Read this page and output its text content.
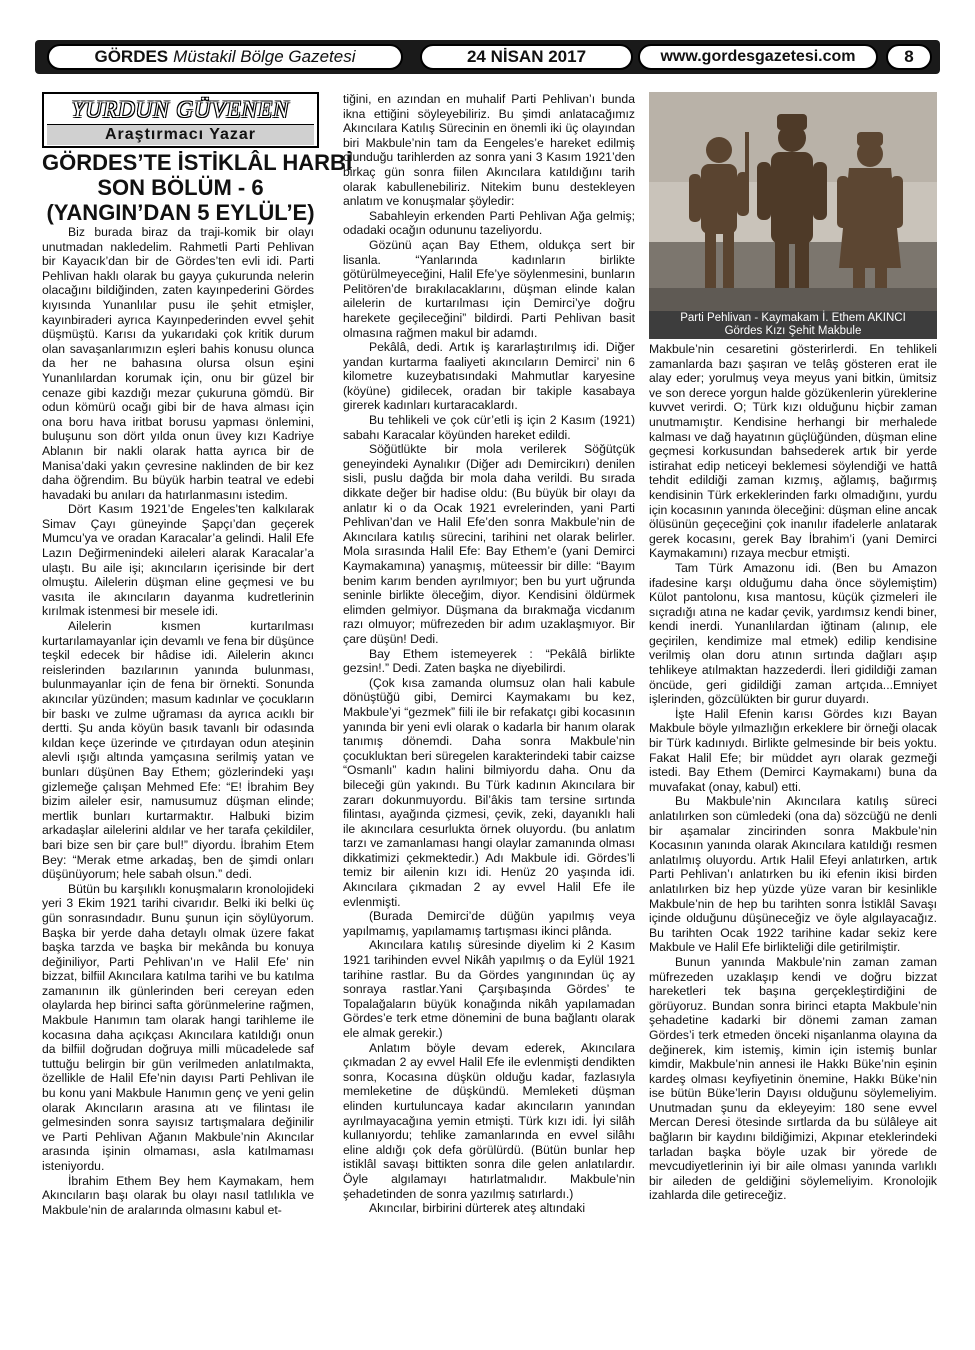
GÖRDES Müstakil Bölge Gazetesi	24 NİSAN 2017	www.gordesgazetesi.com	8
YURDUN GÜVENEN
Araştırmacı Yazar
GÖRDES’TE İSTİKLÂL HARBİ
SON BÖLÜM - 6
(YANGIN’DAN 5 EYLÜL’E)

Biz burada biraz da traji-komik bir olayı unutmadan nakledelim. Rahmetli Parti Pehlivan bir Kayacık’dan bir de Gördes’ten evli idi. Parti Pehlivan haklı olarak bu gayya çukurunda nelerin olacağını bildiğinden, zaten kayınpederini Gördes kıyısında Yunanlılar pusu ile şehit etmişler, kayınbiraderi ayrıca Kayınpederinden evvel şehit düşmüştü. Karısı da yukarıdaki çok kritik durum olan savaşanlarımızın eşleri bahis konusu olunca da her ne bahasına olursa olsun eşini Yunanlılardan korumak için, onu bir güzel bir cenaze gibi kazdığı mezar çukuruna gömdü. Bir odun kömürü ocağı gibi bir de hava alması için ona boru hava iritbat borusu yapması önlemini, buluşunu son dört yılda onun üvey kızı Kadriye Ablanın bir nakli olarak hatta ayrıca bir de Manisa’daki yakın çevresine naklinden de bir kez daha öğrendim. Bu büyük harbin teatral ve edebi havadaki bu anıları da hatırlanmasını istedim.

Dört Kasım 1921’de Engeles’ten kalkılarak Simav Çayı güneyinde Şapçı’dan geçerek Mumcu’ya ve oradan Karacalar’a gelindi. Halil Efe Lazın Değirmenindeki aileleri alarak Karacalar’a ulaştı. Bu aile işi; akıncıların içerisinde bir dert olmuştu. Ailelerin düşman eline geçmesi ve bu vasıta ile akıncıların dayanma kudretlerinin kırılmak istenmesi bir mesele idi.

Ailelerin kısmen kurtarılması kurtarılamayanlar için devamlı ve fena bir düşünce teşkil edecek bir hâdise idi. Ailelerin akıncı reislerinden bazılarının yanında bulunması, bulunmayanlar için de fena bir örnekti. Sonunda akıncılar yüzünden; masum kadınlar ve çocukların bir baskı ve zulme uğraması da ayrıca acıklı bir dertti. Şu anda köyün basık tavanlı bir odasında kıldan keçe üzerinde ve çıtırdayan odun ateşinin alevli ışığı altında yamçasına serilmiş yatan ve bunları düşünen Bay Ethem; gözlerindeki yaşı gizlemeğe çalışan Mehmed Efe: “E! İbrahim Bey bizim aileler esir, namusumuz düşman elinde; mertlik bunları kurtarmaktır. Halbuki bizim arkadaşlar ailelerini aldılar ve her tarafa çekildiler, bari bize sen bir çare bul!” diyordu. İbrahim Etem Bey: “Merak etme arkadaş, ben de şimdi onları düşünüyorum; hele sabah olsun.” dedi.

Bütün bu karşılıklı konuşmaların kronolojideki yeri 3 Ekim 1921 tarihi civarıdır. Belki iki belki üç gün sonrasındadır. Bunu şunun için söylüyorum. Başka bir yerde daha detaylı olmak üzere fakat başka tarzda ve başka bir mekânda bu konuya değiniliyor, Parti Pehlivan’ın ve Halil Efe’ nin bizzat, bilfiil Akıncılara katılma tarihi ve bu katılma zamanının ilk günlerinden beri cereyan eden olaylarda hep birinci safta görünmelerine rağmen, Makbule Hanımın tam olarak hangi tarihleme ile kocasına daha açıkçası Akıncılara katıldığı onun da bilfiil doğrudan doğruya milli mücadelede saf tuttuğu belirgin bir gün verilmeden anlatılmakta, özellikle de Halil Efe’nin dayısı Parti Pehlivan ile bu konu yani Makbule Hanımın genç ve yeni gelin olarak Akıncıların arasına atı ve filintası ile gelmesinden sonra sayısız tartışmalara değinilir ve Parti Pehlivan Ağanın Makbule’nin Akıncılar arasında işinin olmaması, asla katılmaması isteniyordu.

İbrahim Ethem Bey hem Kaymakam, hem Akıncıların başı olarak bu olayı nasıl tatlılıkla ve Makbule’nin de aralarında olmasını kabul et-

tiğini, en azından en muhalif Parti Pehlivan’ı bunda ikna ettiğini söyleyebiliriz. Bu şimdi anlatacağımız Akıncılara Katılış Sürecinin en önemli iki üç olayından biri Makbule’nin tam da Eengeles’e hareket edilmiş olunduğu tarihlerden az sonra yani 3 Kasım 1921’den birkaç gün sonra fiilen Akıncılara katıldığını tarih olarak kabullenebiliriz. Nitekim bunu destekleyen anlatım ve konuşmalar şöyledir:

Sabahleyin erkenden Parti Pehlivan Ağa gelmiş; odadaki ocağın odununu tazeliyordu.

Gözünü açan Bay Ethem, oldukça sert bir lisanla. “Yanlarında kadınların birlikte götürülmeyeceğini, Halil Efe’ye söylenmesini, bunların Pelitören’de bırakılacaklarını, düşman elinde kalan ailelerin de kurtarılması için Demirci’ye doğru harekete geçileceğini” bildirdi. Parti Pehlivan basit olmasına rağmen makul bir adamdı.

Pekâlâ, dedi. Artık iş kararlaştırılmış idi. Diğer yandan kurtarma faaliyeti akıncıların Demirci’ nin 6 kilometre kuzeybatısındaki Mahmutlar karyesine (köyüne) gidilecek, oradan bir takiple kasabaya girerek kadınları kurtaracaklardı.

Bu tehlikeli ve çok cür’etli iş için 2 Kasım (1921) sabahı Karacalar köyünden hareket edildi.

Söğütlükte bir mola verilerek Söğütçük geneyindeki Aynalıkır (Diğer adı Demircikırı) denilen sisli, puslu dağda bir mola daha verildi. Bu sırada dikkate değer bir hadise oldu: (Bu büyük bir olayı da anlatır ki o da Ocak 1921 evrelerinden, yani Parti Pehlivan’dan ve Halil Efe’den sonra Makbule’nin de Akıncılara katılış sürecini, tarihini net olarak belirler. Mola sırasında Halil Efe: Bay Ethem’e (yani Demirci Kaymakamına) yanaşmış, müteessir bir dille: “Bayım benim karım benden ayrılmıyor; ben bu yurt uğrunda seninle birlikte öleceğim, diyor. Kendisini öldürmek elimden gelmiyor. Düşmana da bırakmağa vicdanım razı olmuyor; müfrezeden bir adım uzaklaşmıyor. Bir çare düşün! Dedi.

Bay Ethem istemeyerek : “Pekâlâ birlikte gezsin!.” Dedi. Zaten başka ne diyebilirdi.

(Çok kısa zamanda olumsuz olan hali kabule dönüştüğü gibi, Demirci Kaymakamı bu kez, Makbule’yi “gezmek” fiili ile bir refakatçı gibi kocasının yanında bir yeni evli olarak o kadarla bir hanım olarak tanımış dönemdi. Daha sonra Makbule’nin çocukluktan beri süregelen karakterindeki tabir caizse “Osmanlı” kadın halini bilmiyordu daha. Onu da bileceği gün yakındı. Bu Türk kadının Akıncılara bir zararı dokunmuyordu. Bil’âkis tam tersine sırtında filintası, ayağında çizmesi, çevik, zeki, dayanıklı hali ile akıncılara cesurlukta örnek oluyordu. (bu anlatım tarzı ve zamanlaması hangi olaylar zamanında olması dikkatimizi çekmektedir.) Adı Makbule idi. Gördes’li temiz bir ailenin kızı idi. Henüz 20 yaşında idi. Akıncılara çıkmadan 2 ay evvel Halil Efe ile evlenmişti.

(Burada Demirci’de düğün yapılmış veya yapılmamış, yapılamamış tartışması ikinci plânda.

Akıncılara katılış süresinde diyelim ki 2 Kasım 1921 tarihinden evvel Nikâh yapılmış o da Eylül 1921 tarihine rastlar. Bu da Gördes yangınından üç ay sonraya rastlar.Yani Çarşıbaşında Gördes’ te Topalağaların büyük konağında nikâh yapılamadan Gördes’e terk etme dönemini de buna bağlantı olarak ele almak gerekir.)

Anlatım böyle devam ederek, Akıncılara çıkmadan 2 ay evvel Halil Efe ile evlenmişti dendikten sonra, Kocasına düşkün olduğu kadar, fazlasıyla memleketine de düşkündü. Memleketi düşman elinden kurtuluncaya kadar akıncıların yanından ayrılmayacağına yemin etmişti. Türk kızı idi. İyi silâh kullanıyordu; tehlike zamanlarında en evvel silâhı eline aldığı çok defa görülürdü. (Bütün bunlar hep istiklâl savaşı bittikten sonra dile gelen anlatılardır. Öyle algılamayı hatırlatmalıdır. Makbule’nin şehadetinden de sonra yazılmış satırlardı.)

Akıncılar, birbirini dürterek ateş altındaki

Parti Pehlivan - Kaymakam İ. Ethem AKINCI
Gördes Kızı Şehit Makbule

Makbule’nin cesaretini gösterirlerdi. En tehlikeli zamanlarda bazı şaşıran ve telâş gösteren erat ile alay eder; yorulmuş veya meyus yani bitkin, ümitsiz ve son derece yorgun halde gözükenlerin yüreklerine kuvvet verirdi. O; Türk kızı olduğunu hiçbir zaman unutmamıştır. Kendisine herhangi bir merhalede kalması ve dağ hayatının güçlüğünden, düşman eline geçmesi korkusundan bahsederek artık bir yerde istirahat edip neticeyi beklemesi söylendiği ve hattâ tehdit edildiği zaman kızmış, ağlamış, bağırmış kendisinin Türk erkeklerinden farkı olmadığını, yurdu için kocasının yanında öleceğini: düşman eline ancak ölüsünün geçeceğini çok inanılır ifadelerle anlatarak gerek kocasını, gerek Bay İbrahim’i (yani Demirci Kaymakamını) rızaya mecbur etmişti.

Tam Türk Amazonu idi. (Ben bu Amazon ifadesine karşı olduğumu daha önce söylemiştim) Külot pantolonu, kısa mantosu, küçük çizmeleri ile sıçradığı atına ne kadar çevik, yardımsız kendi biner, kendi inerdi. Yunanlılardan iğtinam (alınıp, ele geçirilen, kendimize mal etmek) edilip kendisine verilmiş olan doru atının sırtında dağları aşıp tehlikeye atılmaktan hazzederdi. İleri gidildiği zaman öncüde, geri gidildiği zaman artçıda...Emniyet işlerinden, gözcülükten bir gurur duyardı.

İşte Halil Efenin karısı Gördes kızı Bayan Makbule böyle yılmazlığın erkeklere bir örneği olacak bir Türk kadınıydı. Birlikte gelmesinde bir beis yoktu. Fakat Halil Efe; bir müddet ayrı olarak gezmeği istedi. Bay Ethem (Demirci Kaymakamı) buna da muvafakat (onay, kabul) etti.

Bu Makbule’nin Akıncılara katılış süreci anlatılırken son cümledeki (ona da) sözcüğü ne denli bir aşamalar zincirinden sonra Makbule’nin Kocasının yanında olarak Akıncılara katıldığı resmen anlatılmış oluyordu. Artık Halil Efeyi anlatırken, artık Parti Pehlivan’ı anlatırken bu iki efenin ikisi birden anlatılırken biz hep yüzde yüze varan bir kesinlikle Makbule’nin de hep bu tarihten sonra İstiklâl Savaşı içinde olduğunu düşüneceğiz ve öyle algılayacağız. Bu tarihten Ocak 1922 tarihine kadar sekiz kere Makbule ve Halil Efe birlikteliği dile getirilmiştir.

Bunun yanında Makbule’nin zaman zaman müfrezeden uzaklaşıp kendi ve doğru bizzat hareketleri tek başına gerçekleştirdiğini de görüyoruz. Bundan sonra birinci etapta Makbule’nin şehadetine kadarki bir dönemi zaman zaman Gördes’i terk etmeden önceki nişanlanma olayına da değinerek, kim istemiş, kimin için istemiş bunlar kimdir, Makbule’nin annesi ile Hakkı Büke’nin eşinin kardeş olması keyfiyetinin önemine, Hakkı Büke’nin ise bütün Büke’lerin Dayısı olduğunu söylemeliyim. Unutmadan şunu da ekleyeyim: 180 sene evvel Mercan Deresi ötesinde sırtlarda da bu sülâleye ait bağların bir kaydını bildiğimizi, Akpınar eteklerindeki tarladan başka böyle uzak bir yörede de mevcudiyetlerinin iyi bir aile olması yanında varlıklı bir aileden de geldiğini söylemeliyim. Kronolojik izahlarda dile getireceğiz.
